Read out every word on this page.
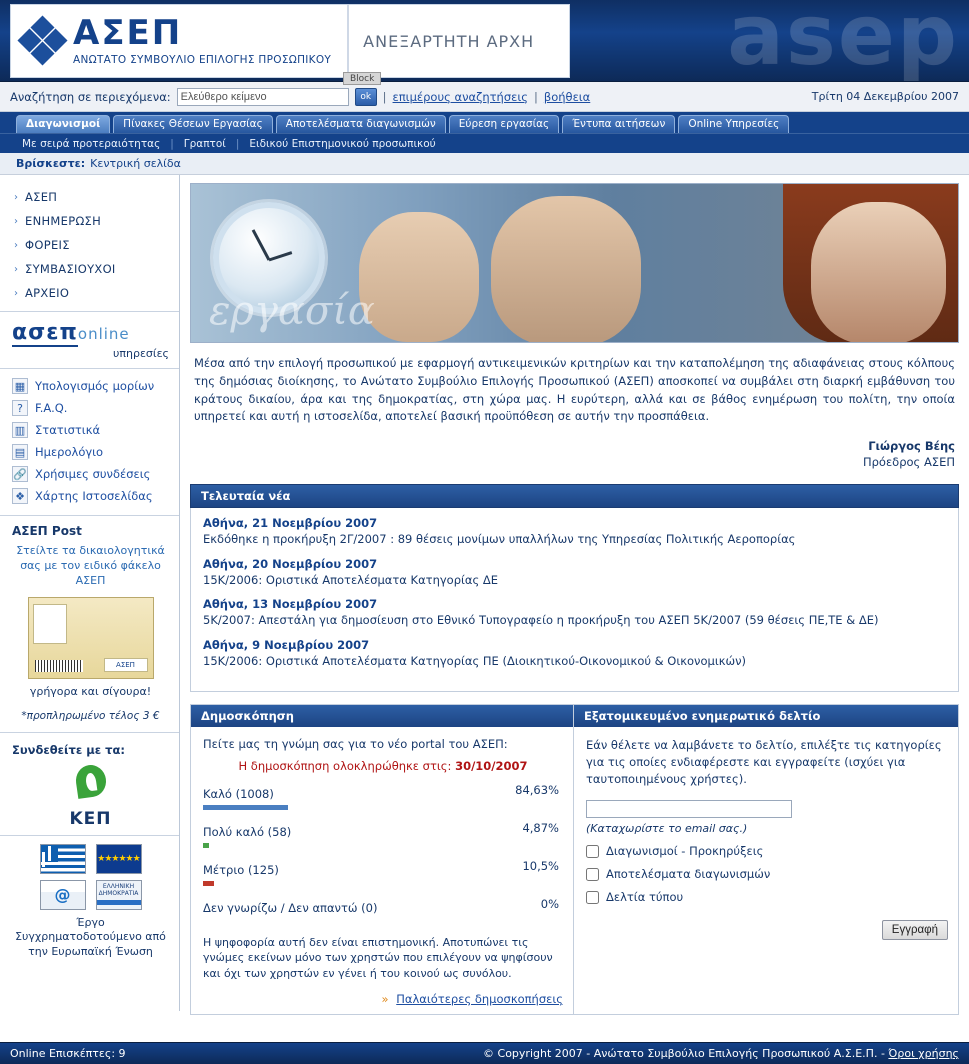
asep
ΑΣΕΠ
ΑΝΩΤΑΤΟ ΣΥΜΒΟΥΛΙΟ ΕΠΙΛΟΓΗΣ ΠΡΟΣΩΠΙΚΟΥ
ΑΝΕΞΑΡΤΗΤΗ ΑΡΧΗ
Block
Αναζήτηση σε περιεχόμενα:
Ελεύθερο κείμενο	ok	| επιμέρους αναζητήσεις | βοήθεια	Τρίτη 04 Δεκεμβρίου 2007
Διαγωνισμοί	Πίνακες Θέσεων Εργασίας	Αποτελέσματα διαγωνισμών	Εύρεση εργασίας	Έντυπα αιτήσεων	Online Υπηρεσίες
Με σειρά προτεραιότητας | Γραπτοί | Ειδικού Επιστημονικού προσωπικού
Βρίσκεστε: Κεντρική σελίδα
› ΑΣΕΠ
› ΕΝΗΜΕΡΩΣΗ
› ΦΟΡΕΙΣ
› ΣΥΜΒΑΣΙΟΥΧΟΙ
› ΑΡΧΕΙΟ
ασεπonline
υπηρεσίες
▦ Υπολογισμός μορίων
?	F.A.Q.
▥ Στατιστικά
▤ Ημερολόγιο
🔗 Χρήσιμες συνδέσεις
❖ Χάρτης Ιστοσελίδας
ΑΣΕΠ Post
Στείλτε τα δικαιολογητικά σας με τον ειδικό φάκελο ΑΣΕΠ
ΑΣΕΠ
γρήγορα και σίγουρα!
*προπληρωμένο τέλος 3 €
Συνδεθείτε με τα:
ΚΕΠ
★★★★★★
@	ΕΛΛΗΝΙΚΗ ΔΗΜΟΚΡΑΤΙΑ
Έργο Συγχρηματοδοτούμενο από την Ευρωπαϊκή Ένωση
εργασία
Μέσα από την επιλογή προσωπικού με εφαρμογή αντικειμενικών κριτηρίων και την καταπολέμηση της αδιαφάνειας στους κόλπους της δημόσιας διοίκησης, το Ανώτατο Συμβούλιο Επιλογής Προσωπικού (ΑΣΕΠ) αποσκοπεί να συμβάλει στη διαρκή εμβάθυνση του κράτους δικαίου, άρα και της δημοκρατίας, στη χώρα μας. Η ευρύτερη, αλλά και σε βάθος ενημέρωση του πολίτη, την οποία υπηρετεί και αυτή η ιστοσελίδα, αποτελεί βασική προϋπόθεση σε αυτήν την προσπάθεια.
Γιώργος Βέης
Πρόεδρος ΑΣΕΠ
Τελευταία νέα
Αθήνα, 21 Νοεμβρίου 2007
Εκδόθηκε η προκήρυξη 2Γ/2007 : 89 θέσεις μονίμων υπαλλήλων της Υπηρεσίας Πολιτικής Αεροπορίας
Αθήνα, 20 Νοεμβρίου 2007
15Κ/2006: Οριστικά Αποτελέσματα Κατηγορίας ΔΕ
Αθήνα, 13 Νοεμβρίου 2007
5Κ/2007: Απεστάλη για δημοσίευση στο Εθνικό Τυπογραφείο η προκήρυξη του ΑΣΕΠ 5Κ/2007 (59 θέσεις ΠΕ,ΤΕ & ΔΕ)
Αθήνα, 9 Νοεμβρίου 2007
15Κ/2006: Οριστικά Αποτελέσματα Κατηγορίας ΠΕ (Διοικητικού-Οικονομικού & Οικονομικών)
Δημοσκόπηση
Πείτε μας τη γνώμη σας για το νέο portal του ΑΣΕΠ:
Η δημοσκόπηση ολοκληρώθηκε στις: 30/10/2007
Καλό (1008)	84,63%
Πολύ καλό (58)	4,87%
Μέτριο (125)	10,5%
Δεν γνωρίζω / Δεν απαντώ (0)	0%
Η ψηφοφορία αυτή δεν είναι επιστημονική. Αποτυπώνει τις γνώμες εκείνων μόνο των χρηστών που επιλέγουν να ψηφίσουν και όχι των χρηστών εν γένει ή του κοινού ως συνόλου.
» Παλαιότερες δημοσκοπήσεις
Εξατομικευμένο ενημερωτικό δελτίο
Εάν θέλετε να λαμβάνετε το δελτίο, επιλέξτε τις κατηγορίες για τις οποίες ενδιαφέρεστε και εγγραφείτε (ισχύει για ταυτοποιημένους χρήστες).
(Καταχωρίστε το email σας.)
Διαγωνισμοί - Προκηρύξεις
Αποτελέσματα διαγωνισμών
Δελτία τύπου
Εγγραφή
Online Επισκέπτες: 9	© Copyright 2007 - Ανώτατο Συμβούλιο Επιλογής Προσωπικού Α.Σ.Ε.Π. - Όροι χρήσης
